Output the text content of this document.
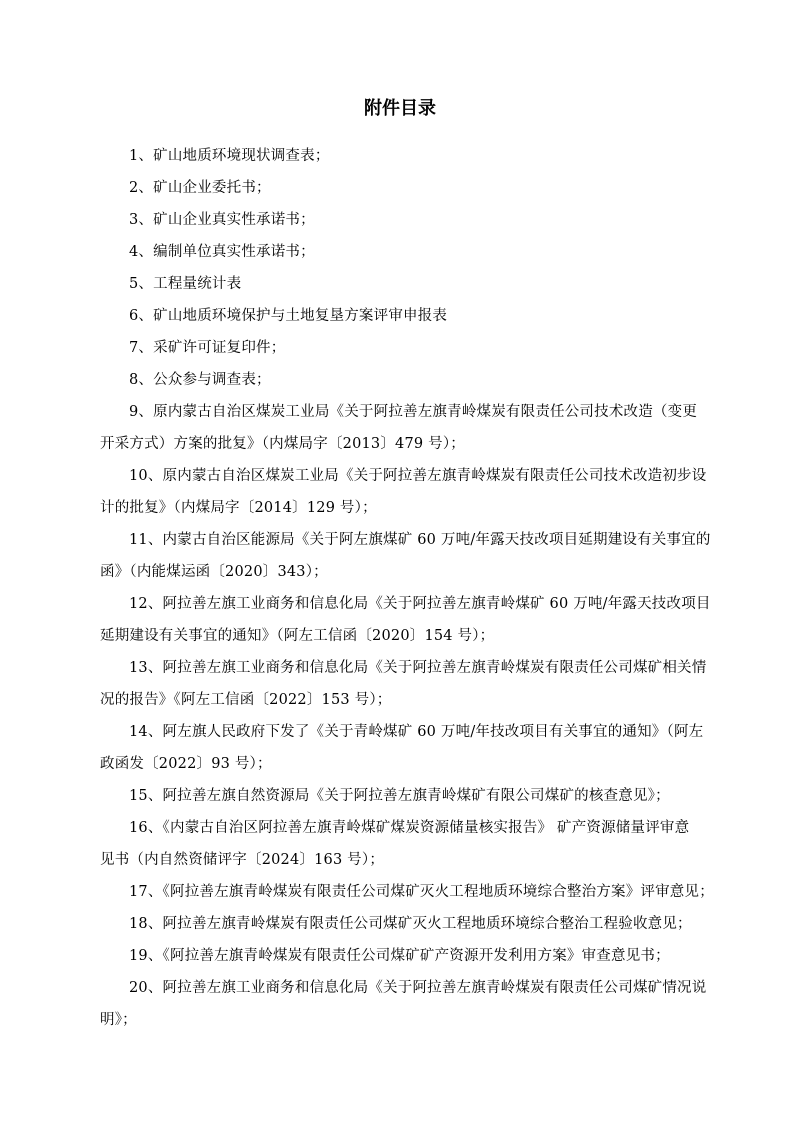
附件目录
1、矿山地质环境现状调查表；
2、矿山企业委托书；
3、矿山企业真实性承诺书；
4、编制单位真实性承诺书；
5、工程量统计表
6、矿山地质环境保护与土地复垦方案评审申报表
7、采矿许可证复印件；
8、公众参与调查表；
9、原内蒙古自治区煤炭工业局《关于阿拉善左旗青岭煤炭有限责任公司技术改造（变更
开采方式）方案的批复》（内煤局字〔2013〕479 号）；
10、原内蒙古自治区煤炭工业局《关于阿拉善左旗青岭煤炭有限责任公司技术改造初步设
计的批复》（内煤局字〔2014〕129 号）；
11、内蒙古自治区能源局《关于阿左旗煤矿 60 万吨/年露天技改项目延期建设有关事宜的
函》（内能煤运函〔2020〕343）；
12、阿拉善左旗工业商务和信息化局《关于阿拉善左旗青岭煤矿 60 万吨/年露天技改项目
延期建设有关事宜的通知》（阿左工信函〔2020〕154 号）；
13、阿拉善左旗工业商务和信息化局《关于阿拉善左旗青岭煤炭有限责任公司煤矿相关情
况的报告》《阿左工信函〔2022〕153 号）；
14、阿左旗人民政府下发了《关于青岭煤矿 60 万吨/年技改项目有关事宜的通知》（阿左
政函发〔2022〕93 号）；
15、阿拉善左旗自然资源局《关于阿拉善左旗青岭煤矿有限公司煤矿的核查意见》；
16、《内蒙古自治区阿拉善左旗青岭煤矿煤炭资源储量核实报告》 矿产资源储量评审意
见书（内自然资储评字〔2024〕163 号）；
17、《阿拉善左旗青岭煤炭有限责任公司煤矿灭火工程地质环境综合整治方案》评审意见；
18、阿拉善左旗青岭煤炭有限责任公司煤矿灭火工程地质环境综合整治工程验收意见；
19、《阿拉善左旗青岭煤炭有限责任公司煤矿矿产资源开发利用方案》审查意见书；
20、阿拉善左旗工业商务和信息化局《关于阿拉善左旗青岭煤炭有限责任公司煤矿情况说
明》；
